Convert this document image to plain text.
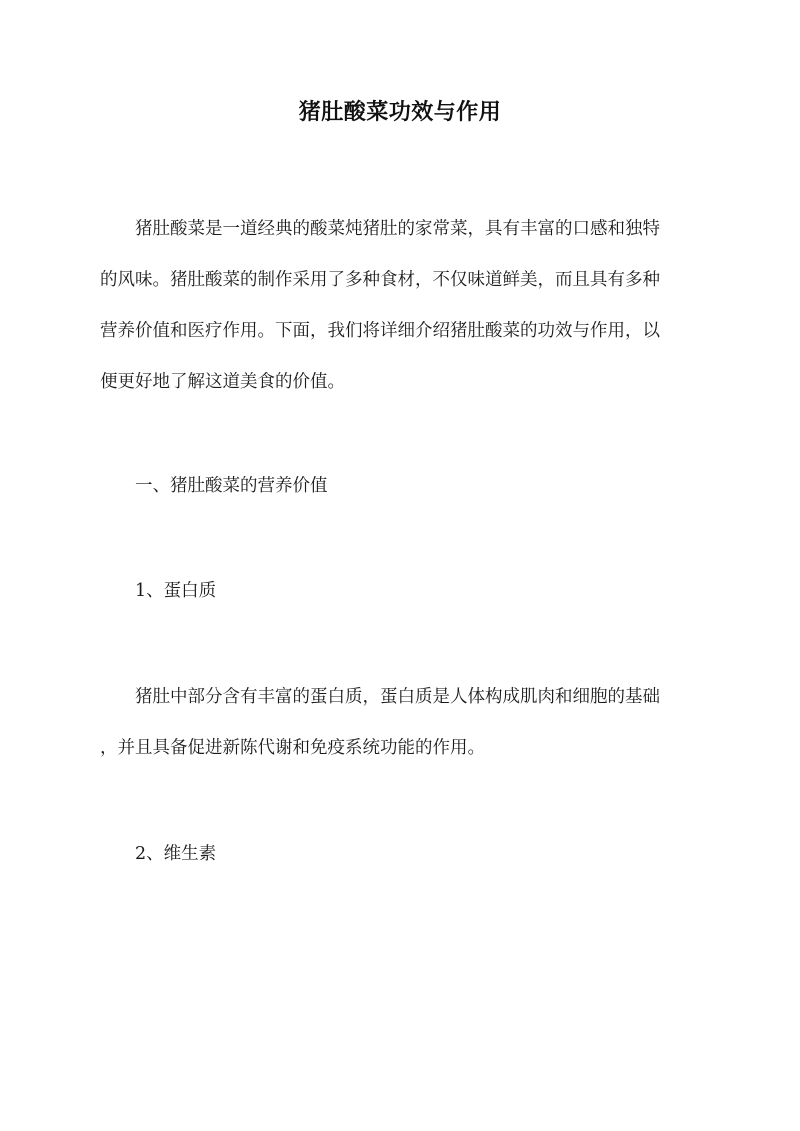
猪肚酸菜功效与作用
猪肚酸菜是一道经典的酸菜炖猪肚的家常菜，具有丰富的口感和独特
的风味。猪肚酸菜的制作采用了多种食材，不仅味道鲜美，而且具有多种
营养价值和医疗作用。下面，我们将详细介绍猪肚酸菜的功效与作用，以
便更好地了解这道美食的价值。
一、猪肚酸菜的营养价值
1、蛋白质
猪肚中部分含有丰富的蛋白质，蛋白质是人体构成肌肉和细胞的基础
，并且具备促进新陈代谢和免疫系统功能的作用。
2、维生素
